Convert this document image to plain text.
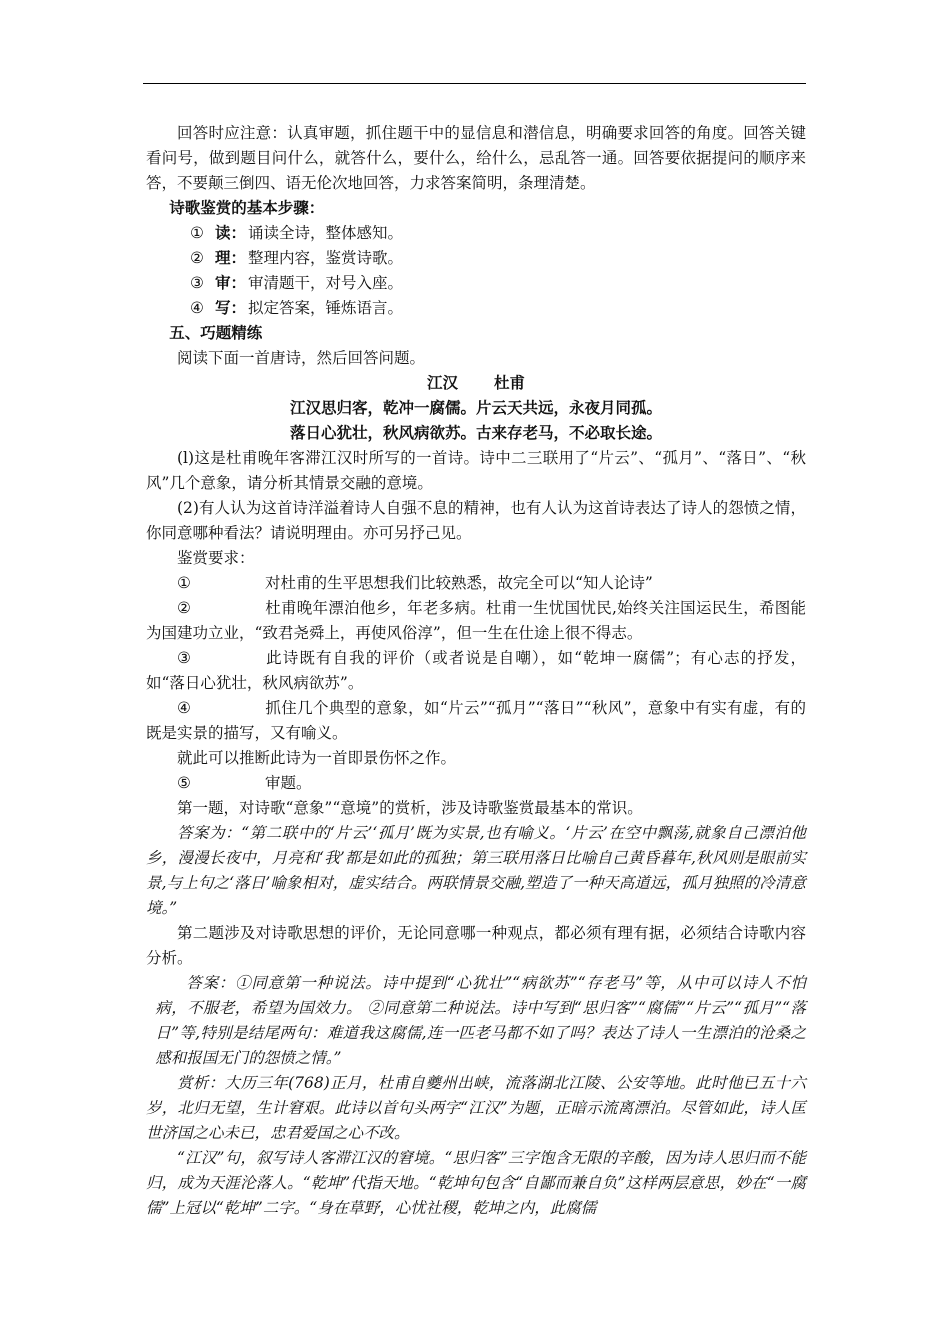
回答时应注意：认真审题，抓住题干中的显信息和潜信息，明确要求回答的角度。回答关键看问号，做到题目问什么，就答什么，要什么，给什么，忌乱答一通。回答要依据提问的顺序来答，不要颠三倒四、语无伦次地回答，力求答案简明，条理清楚。

诗歌鉴赏的基本步骤：

① 读： 诵读全诗，整体感知。

② 理： 整理内容，鉴赏诗歌。

③ 审： 审清题干，对号入座。

④ 写： 拟定答案，锤炼语言。

五、巧题精练

阅读下面一首唐诗，然后回答问题。

江汉 杜甫

江汉思归客，乾冲一腐儒。片云天共远，永夜月同孤。

落日心犹壮，秋风病欲苏。古来存老马，不必取长途。

(l)这是杜甫晚年客滞江汉时所写的一首诗。诗中二三联用了“片云”、“孤月”、“落日”、“秋风”几个意象，请分析其情景交融的意境。

(2)有人认为这首诗洋溢着诗人自强不息的精神，也有人认为这首诗表达了诗人的怨愤之情，你同意哪种看法？请说明理由。亦可另抒己见。

鉴赏要求：

①	对杜甫的生平思想我们比较熟悉，故完全可以“知人论诗”

②	杜甫晚年漂泊他乡，年老多病。杜甫一生忧国忧民,始终关注国运民生，希图能为国建功立业，“致君尧舜上，再使风俗淳”，但一生在仕途上很不得志。

③	此诗既有自我的评价（或者说是自嘲），如“乾坤一腐儒”；有心志的抒发，如“落日心犹壮，秋风病欲苏”。

④	抓住几个典型的意象，如“片云”“孤月”“落日”“秋风”，意象中有实有虚，有的既是实景的描写，又有喻义。

就此可以推断此诗为一首即景伤怀之作。

⑤	审题。

第一题，对诗歌“意象”“意境”的赏析，涉及诗歌鉴赏最基本的常识。

答案为：“第二联中的‘片云’‘孤月’既为实景,也有喻义。‘片云’在空中飘荡,就象自己漂泊他乡，漫漫长夜中，月亮和‘我’都是如此的孤独；第三联用落日比喻自己黄昏暮年,秋风则是眼前实景,与上句之‘落日’喻象相对，虚实结合。两联情景交融,塑造了一种天高道远，孤月独照的冷清意境。”

第二题涉及对诗歌思想的评价，无论同意哪一种观点，都必须有理有据，必须结合诗歌内容分析。

答案：①同意第一种说法。诗中提到“心犹壮”“病欲苏”“存老马”等，从中可以诗人不怕病，不服老，希望为国效力。 ②同意第二种说法。诗中写到“思归客”“腐儒”“片云”“孤月”“落日”等,特别是结尾两句：难道我这腐儒,连一匹老马都不如了吗？表达了诗人一生漂泊的沧桑之感和报国无门的怨愤之情。”

赏析：大历三年(768)正月，杜甫自夔州出峡，流落湖北江陵、公安等地。此时他已五十六岁，北归无望，生计窘艰。此诗以首句头两字“江汉”为题，正暗示流离漂泊。尽管如此，诗人匡世济国之心未已，忠君爱国之心不改。

“江汉”句，叙写诗人客滞江汉的窘境。“思归客”三字饱含无限的辛酸，因为诗人思归而不能归，成为天涯沦落人。“乾坤”代指天地。“乾坤句包含“自鄙而兼自负”这样两层意思，妙在“一腐儒”上冠以“乾坤”二字。“身在草野，心忧社稷，乾坤之内，此腐儒
